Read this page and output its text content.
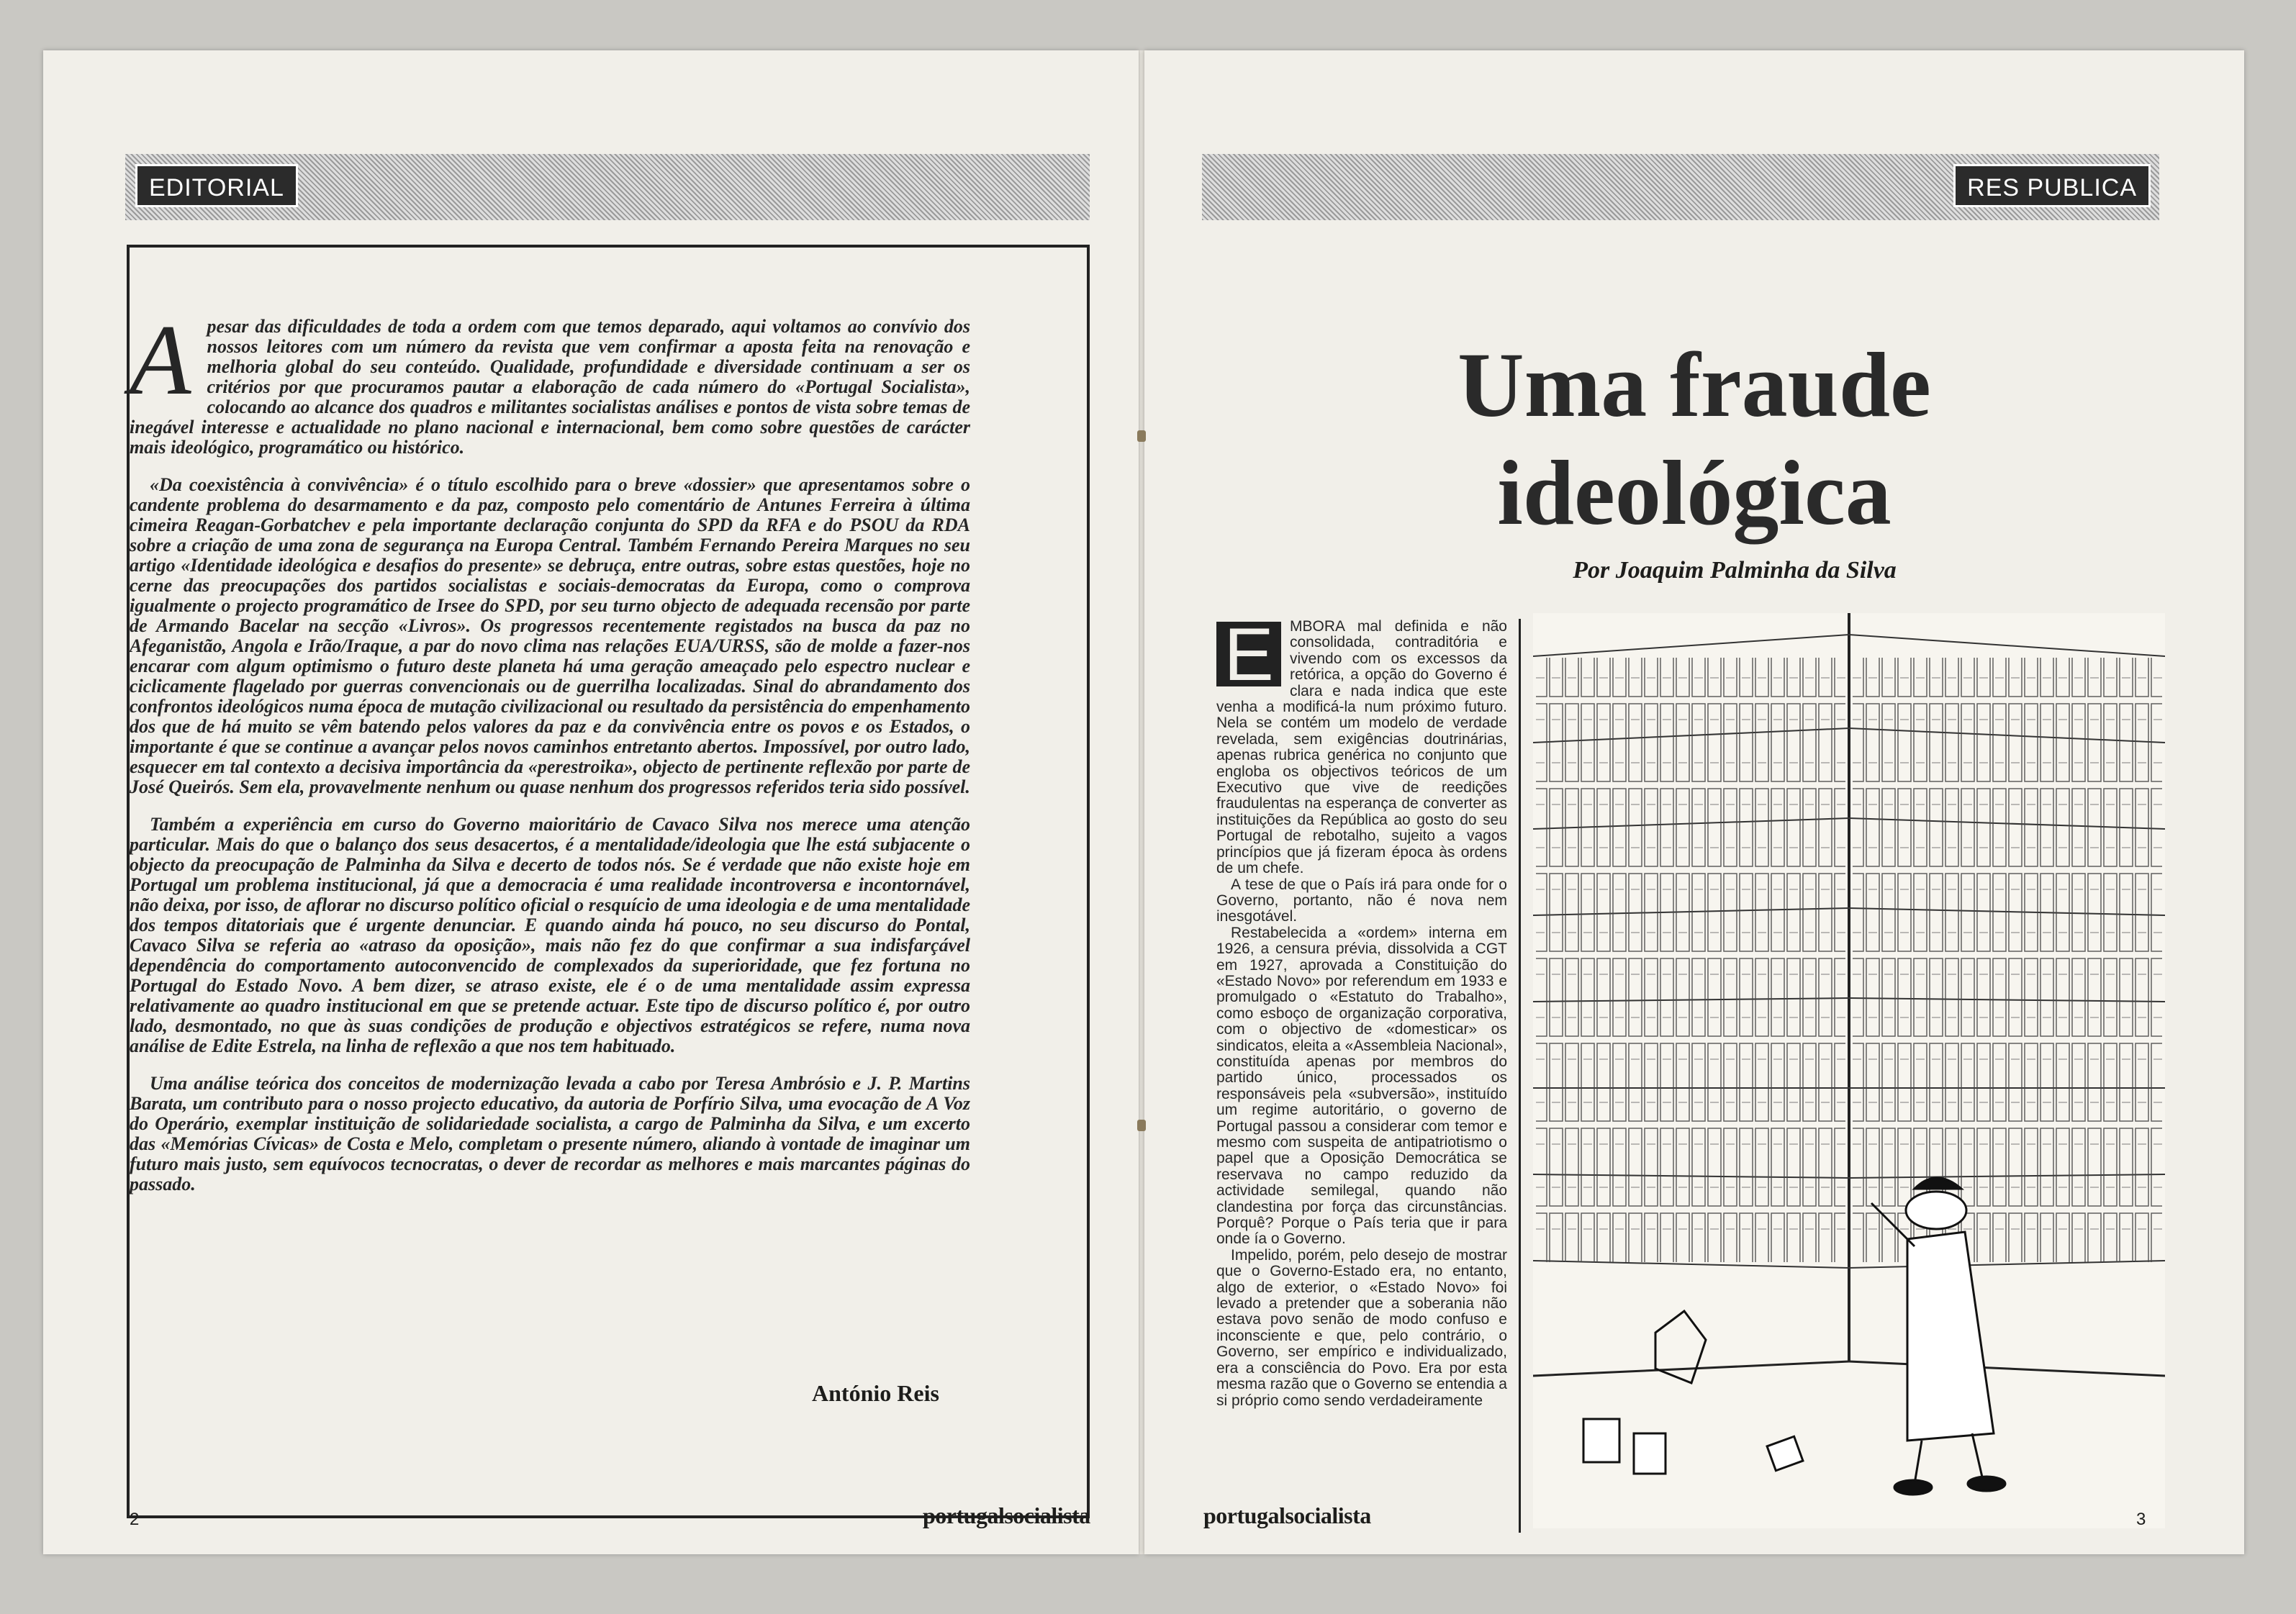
EDITORIAL

Apesar das dificuldades de toda a ordem com que temos deparado, aqui voltamos ao convívio dos nossos leitores com um número da revista que vem confirmar a aposta feita na renovação e melhoria global do seu conteúdo. Qualidade, profundidade e diversidade continuam a ser os critérios por que procuramos pautar a elaboração de cada número do «Portugal Socialista», colocando ao alcance dos quadros e militantes socialistas análises e pontos de vista sobre temas de inegável interesse e actualidade no plano nacional e internacional, bem como sobre questões de carácter mais ideológico, programático ou histórico.

«Da coexistência à convivência» é o título escolhido para o breve «dossier» que apresentamos sobre o candente problema do desarmamento e da paz, composto pelo comentário de Antunes Ferreira à última cimeira Reagan-Gorbatchev e pela importante declaração conjunta do SPD da RFA e do PSOU da RDA sobre a criação de uma zona de segurança na Europa Central. Também Fernando Pereira Marques no seu artigo «Identidade ideológica e desafios do presente» se debruça, entre outras, sobre estas questões, hoje no cerne das preocupações dos partidos socialistas e sociais-democratas da Europa, como o comprova igualmente o projecto programático de Irsee do SPD, por seu turno objecto de adequada recensão por parte de Armando Bacelar na secção «Livros». Os progressos recentemente registados na busca da paz no Afeganistão, Angola e Irão/Iraque, a par do novo clima nas relações EUA/URSS, são de molde a fazer-nos encarar com algum optimismo o futuro deste planeta há uma geração ameaçado pelo espectro nuclear e ciclicamente flagelado por guerras convencionais ou de guerrilha localizadas. Sinal do abrandamento dos confrontos ideológicos numa época de mutação civilizacional ou resultado da persistência do empenhamento dos que de há muito se vêm batendo pelos valores da paz e da convivência entre os povos e os Estados, o importante é que se continue a avançar pelos novos caminhos entretanto abertos. Impossível, por outro lado, esquecer em tal contexto a decisiva importância da «perestroika», objecto de pertinente reflexão por parte de José Queirós. Sem ela, provavelmente nenhum ou quase nenhum dos progressos referidos teria sido possível.

Também a experiência em curso do Governo maioritário de Cavaco Silva nos merece uma atenção particular. Mais do que o balanço dos seus desacertos, é a mentalidade/ideologia que lhe está subjacente o objecto da preocupação de Palminha da Silva e decerto de todos nós. Se é verdade que não existe hoje em Portugal um problema institucional, já que a democracia é uma realidade incontroversa e incontornável, não deixa, por isso, de aflorar no discurso político oficial o resquício de uma ideologia e de uma mentalidade dos tempos ditatoriais que é urgente denunciar. E quando ainda há pouco, no seu discurso do Pontal, Cavaco Silva se referia ao «atraso da oposição», mais não fez do que confirmar a sua indisfarçável dependência do comportamento autoconvencido de complexados da superioridade, que fez fortuna no Portugal do Estado Novo. A bem dizer, se atraso existe, ele é o de uma mentalidade assim expressa relativamente ao quadro institucional em que se pretende actuar. Este tipo de discurso político é, por outro lado, desmontado, no que às suas condições de produção e objectivos estratégicos se refere, numa nova análise de Edite Estrela, na linha de reflexão a que nos tem habituado.

Uma análise teórica dos conceitos de modernização levada a cabo por Teresa Ambrósio e J. P. Martins Barata, um contributo para o nosso projecto educativo, da autoria de Porfírio Silva, uma evocação de A Voz do Operário, exemplar instituição de solidariedade socialista, a cargo de Palminha da Silva, e um excerto das «Memórias Cívicas» de Costa e Melo, completam o presente número, aliando à vontade de imaginar um futuro mais justo, sem equívocos tecnocratas, o dever de recordar as melhores e mais marcantes páginas do passado.

António Reis
2	portugalsocialista
RES PUBLICA
Uma fraude
ideológica
Por Joaquim Palminha da Silva

E	MBORA mal definida e não consolidada, contraditória e vivendo com os excessos da retórica, a opção do Governo é clara e nada indica que este venha a modificá-la num próximo futuro. Nela se contém um modelo de verdade revelada, sem exigências doutrinárias, apenas rubrica genérica no conjunto que engloba os objectivos teóricos de um Executivo que vive de reedições fraudulentas na esperança de converter as instituições da República ao gosto do seu Portugal de rebotalho, sujeito a vagos princípios que já fizeram época às ordens de um chefe.

A tese de que o País irá para onde for o Governo, portanto, não é nova nem inesgotável.

Restabelecida a «ordem» interna em 1926, a censura prévia, dissolvida a CGT em 1927, aprovada a Constituição do «Estado Novo» por referendum em 1933 e promulgado o «Estatuto do Trabalho», como esboço de organização corporativa, com o objectivo de «domesticar» os sindicatos, eleita a «Assembleia Nacional», constituída apenas por membros do partido único, processados os responsáveis pela «subversão», instituído um regime autoritário, o governo de Portugal passou a considerar com temor e mesmo com suspeita de antipatriotismo o papel que a Oposição Democrática se reservava no campo reduzido da actividade semilegal, quando não clandestina por força das circunstâncias. Porquê? Porque o País teria que ir para onde ía o Governo.

Impelido, porém, pelo desejo de mostrar que o Governo-Estado era, no entanto, algo de exterior, o «Estado Novo» foi levado a pretender que a soberania não estava povo senão de modo confuso e inconsciente e que, pelo contrário, o Governo, ser empírico e individualizado, era a consciência do Povo. Era por esta mesma razão que o Governo se entendia a si próprio como sendo verdadeiramente

3
portugalsocialista
